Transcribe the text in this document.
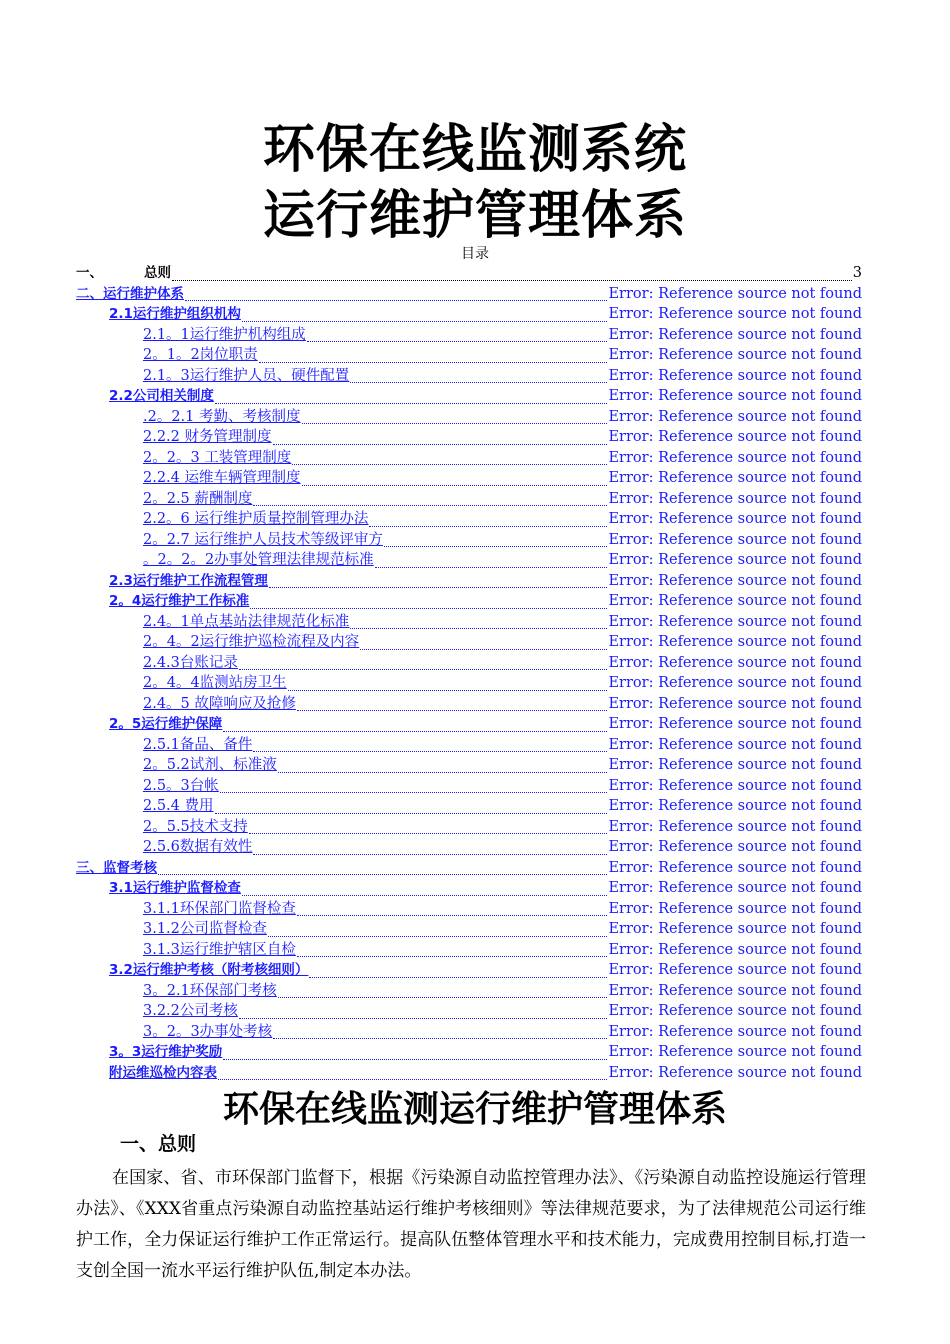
环保在线监测系统
运行维护管理体系
目录
一、	总则	3
二、运行维护体系	Error: Reference source not found
2.1运行维护组织机构	Error: Reference source not found
2.1。1运行维护机构组成	Error: Reference source not found
2。1。2岗位职责	Error: Reference source not found
2.1。3运行维护人员、硬件配置	Error: Reference source not found
2.2公司相关制度	Error: Reference source not found
.2。2.1 考勤、考核制度	Error: Reference source not found
2.2.2 财务管理制度	Error: Reference source not found
2。2。3 工装管理制度	Error: Reference source not found
2.2.4 运维车辆管理制度	Error: Reference source not found
2。2.5 薪酬制度	Error: Reference source not found
2.2。6 运行维护质量控制管理办法	Error: Reference source not found
2。2.7 运行维护人员技术等级评审方	Error: Reference source not found
。2。2。2办事处管理法律规范标准	Error: Reference source not found
2.3运行维护工作流程管理	Error: Reference source not found
2。4运行维护工作标准	Error: Reference source not found
2.4。1单点基站法律规范化标准	Error: Reference source not found
2。4。2运行维护巡检流程及内容	Error: Reference source not found
2.4.3台账记录	Error: Reference source not found
2。4。4监测站房卫生	Error: Reference source not found
2.4。5 故障响应及抢修	Error: Reference source not found
2。5运行维护保障	Error: Reference source not found
2.5.1备品、备件	Error: Reference source not found
2。5.2试剂、标准液	Error: Reference source not found
2.5。3台帐	Error: Reference source not found
2.5.4 费用	Error: Reference source not found
2。5.5技术支持	Error: Reference source not found
2.5.6数据有效性	Error: Reference source not found
三、监督考核	Error: Reference source not found
3.1运行维护监督检查	Error: Reference source not found
3.1.1环保部门监督检查	Error: Reference source not found
3.1.2公司监督检查	Error: Reference source not found
3.1.3运行维护辖区自检	Error: Reference source not found
3.2运行维护考核（附考核细则）	Error: Reference source not found
3。2.1环保部门考核	Error: Reference source not found
3.2.2公司考核	Error: Reference source not found
3。2。3办事处考核	Error: Reference source not found
3。3运行维护奖励	Error: Reference source not found
附运维巡检内容表	Error: Reference source not found
环保在线监测运行维护管理体系
一、总则
在国家、省、市环保部门监督下，根据《污染源自动监控管理办法》、《污染源自动监控设施运行管理办法》、《XXX省重点污染源自动监控基站运行维护考核细则》等法律规范要求，为了法律规范公司运行维护工作，全力保证运行维护工作正常运行。提高队伍整体管理水平和技术能力，完成费用控制目标,打造一支创全国一流水平运行维护队伍,制定本办法。
